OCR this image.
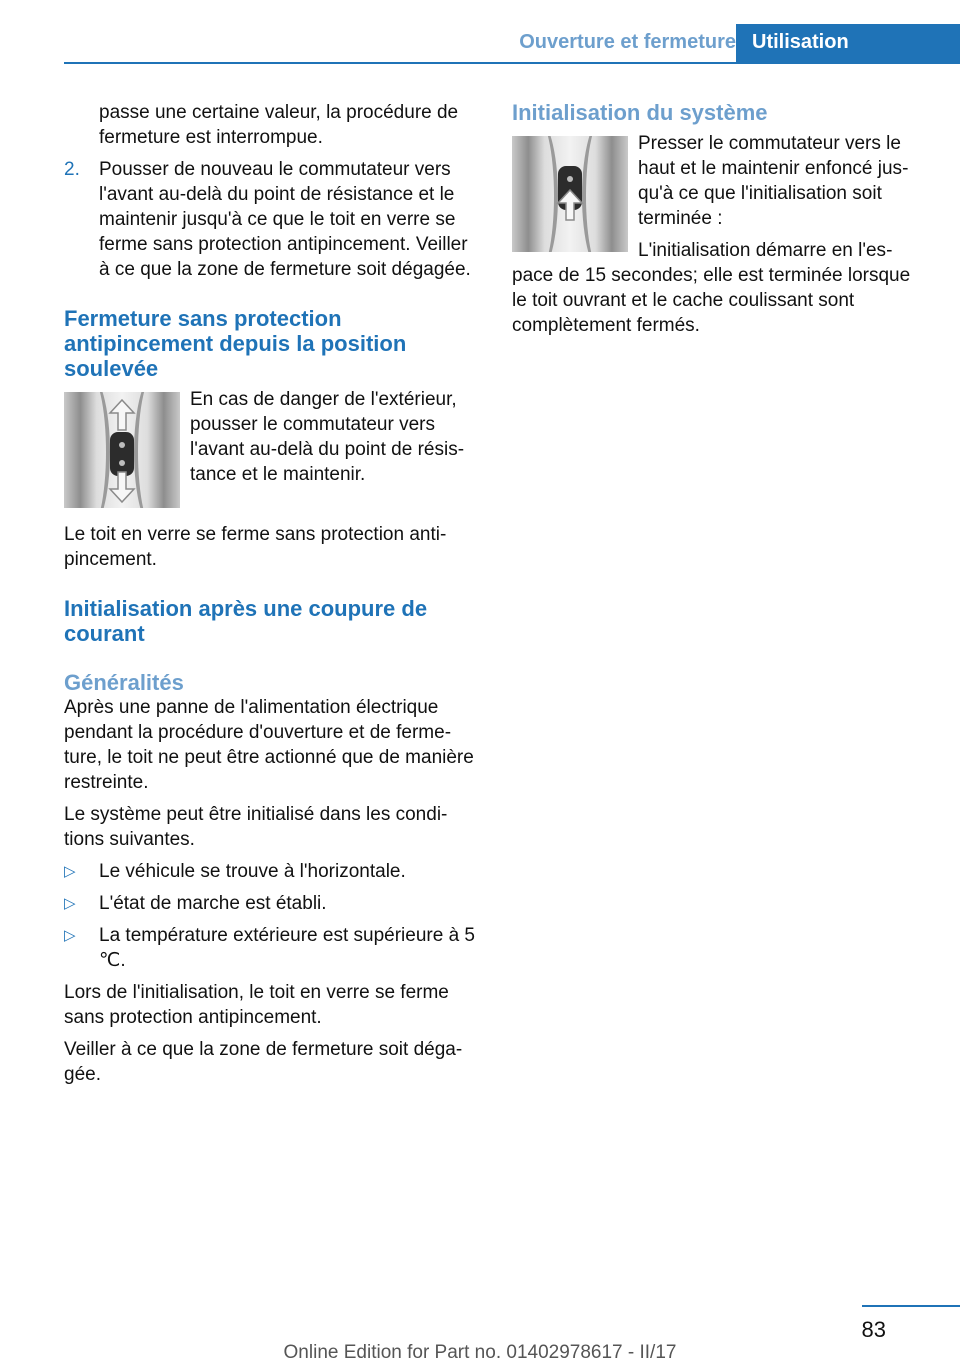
Ouverture et fermeture Utilisation

passe une certaine valeur, la procédure de fermeture est interrompue.

2.	Pousser de nouveau le commutateur vers l'avant au-delà du point de résistance et le maintenir jusqu'à ce que le toit en verre se ferme sans protection antipincement. Veiller à ce que la zone de fermeture soit dégagée.
Fermeture sans protection antipincement depuis la position soulevée

En cas de danger de l'extérieur, pousser le commutateur vers l'avant au-delà du point de résistance et le maintenir.

Le toit en verre se ferme sans protection antipincement.

Initialisation après une coupure de courant
Généralités

Après une panne de l'alimentation électrique pendant la procédure d'ouverture et de fermeture, le toit ne peut être actionné que de manière restreinte.

Le système peut être initialisé dans les conditions suivantes.

▷	Le véhicule se trouve à l'horizontale.
▷	L'état de marche est établi.
▷	La température extérieure est supérieure à 5 ℃.

Lors de l'initialisation, le toit en verre se ferme sans protection antipincement.

Veiller à ce que la zone de fermeture soit dégagée.

Initialisation du système

Presser le commutateur vers le haut et le maintenir enfoncé jusqu'à ce que l'initialisation soit terminée :

L'initialisation démarre en l'espace de 15 secondes; elle est terminée lorsque le toit ouvrant et le cache coulissant sont complètement fermés.

83
Online Edition for Part no. 01402978617 - II/17
